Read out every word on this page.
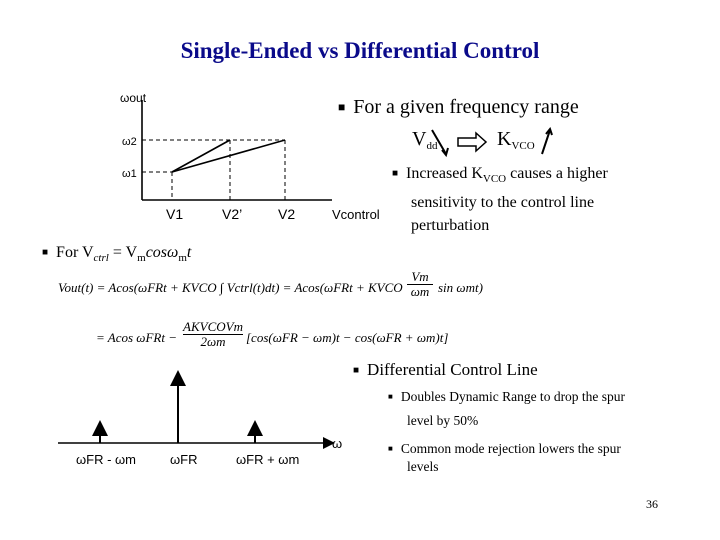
Single-Ended vs Differential Control
ωout
ω2
ω1
V1	V2’	V2	Vcontrol
■ For a given frequency range
$V_{dd}$	$K_{VCO}$
■ Increased $K_{VCO}$ causes a higher
sensitivity to the control line
perturbation
■ For $V_{ctrl} = V_m\cos\omega_mt$
Vout(t) = Acos(ωFRt + KVCO ∫ Vctrl(t)dt) = Acos(ωFRt + KVCO
Vm
ωm sin ωmt)
= Acos ωFRt −
AKVCOVm
2ωm	[cos(ωFR − ωm)t − cos(ωFR + ωm)t]
ω
ωFR - ωm	ωFR	ωFR + ωm
■ Differential Control Line
■ Doubles Dynamic Range to drop the spur
level by 50%
■ Common mode rejection lowers the spur
levels
36
